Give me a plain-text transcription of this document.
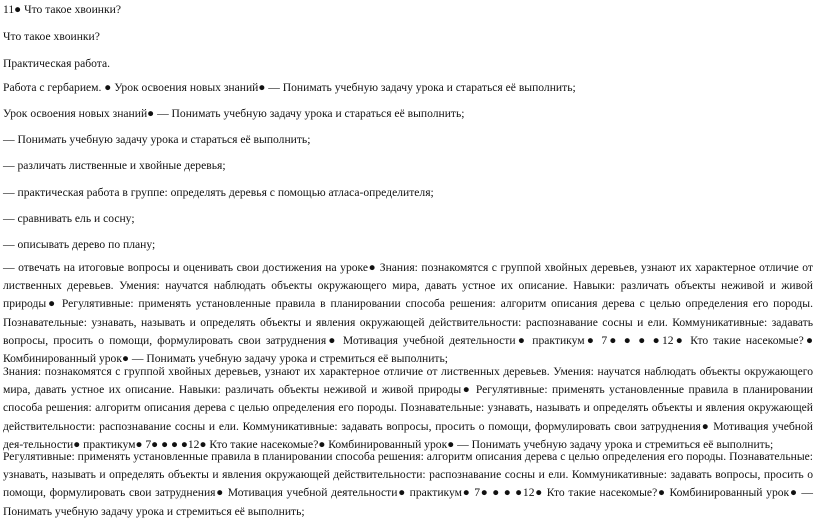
11● Что такое хвоинки?
Что такое хвоинки?
Практическая работа.
Работа с гербарием. ● Урок освоения новых знаний● — Понимать учебную задачу урока и стараться её выполнить;
Урок освоения новых знаний● — Понимать учебную задачу урока и стараться её выполнить;
— Понимать учебную задачу урока и стараться её выполнить;
— различать лиственные и хвойные деревья;
— практическая работа в группе: определять деревья с помощью атласа-определителя;
— сравнивать ель и сосну;
— описывать дерево по плану;
— отвечать на итоговые вопросы и оценивать свои достижения на уроке● Знания: познакомятся с группой хвойных деревьев, узнают их характерное отличие от лиственных деревьев. Умения: научатся наблюдать объекты окружающего мира, давать устное их описание. Навыки: различать объекты неживой и живой природы● Регулятивные: применять установленные правила в планировании способа решения: алгоритм описания дерева с целью определения его породы. Познавательные: узнавать, называть и определять объекты и явления окружающей действительности: распознавание сосны и ели. Коммуникативные: задавать вопросы, просить о помощи, формулировать свои затруднения● Мотивация учебной деятельности● практикум● 7● ● ● ●12● Кто такие насекомые?● Комбинированный урок● — Понимать учебную задачу урока и стремиться её выполнить;
Знания: познакомятся с группой хвойных деревьев, узнают их характерное отличие от лиственных деревьев. Умения: научатся наблюдать объекты окружающего мира, давать устное их описание. Навыки: различать объекты неживой и живой природы● Регулятивные: применять установленные правила в планировании способа решения: алгоритм описания дерева с целью определения его породы. Познавательные: узнавать, называть и определять объекты и явления окружающей действительности: распознавание сосны и ели. Коммуникативные: задавать вопросы, просить о помощи, формулировать свои затруднения● Мотивация учебной дея-тельности● практикум● 7● ● ● ●12● Кто такие насекомые?● Комбинированный урок● — Понимать учебную задачу урока и стремиться её выполнить;
Регулятивные: применять установленные правила в планировании способа решения: алгоритм описания дерева с целью определения его породы. Познавательные: узнавать, называть и определять объекты и явления окружающей действительности: распознавание сосны и ели. Коммуникативные: задавать вопросы, просить о помощи, формулировать свои затруднения● Мотивация учебной деятельности● практикум● 7● ● ● ●12● Кто такие насекомые?● Комбинированный урок● — Понимать учебную задачу урока и стремиться её выполнить;
